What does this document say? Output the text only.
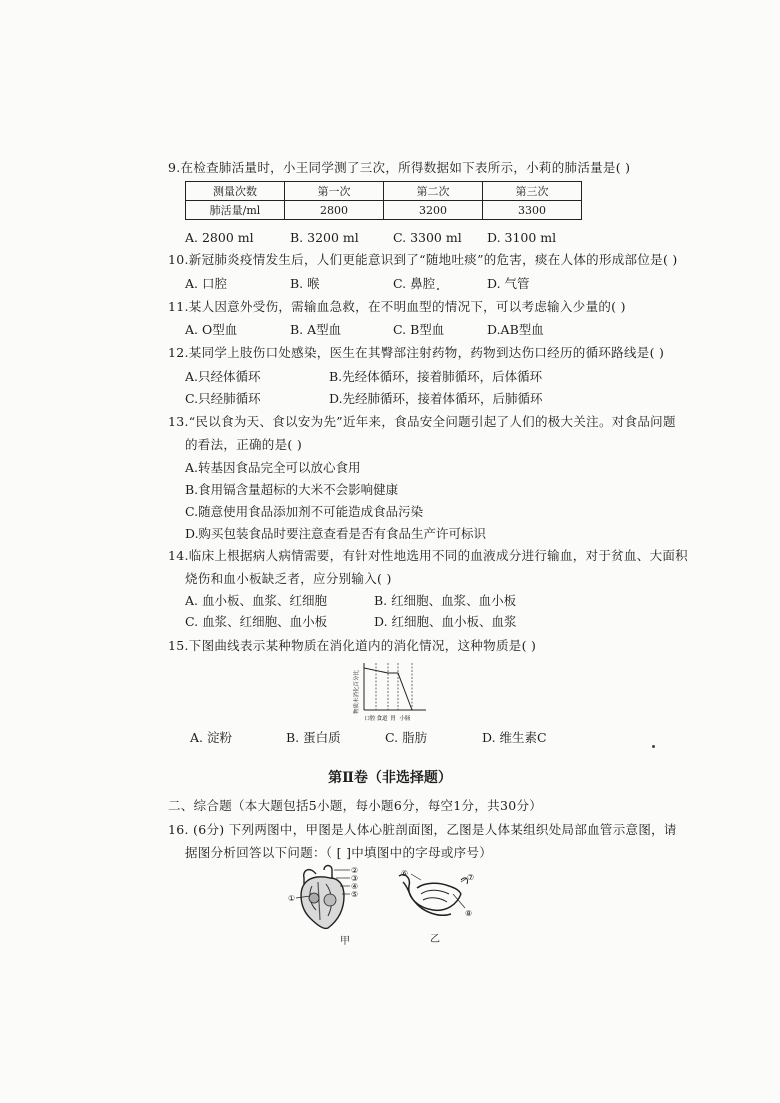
9.在检查肺活量时，小王同学测了三次，所得数据如下表所示，小莉的肺活量是( )
测量次数	第一次	第二次	第三次
肺活量/ml	2800	3200	3300
A. 2800 ml	B. 3200 ml	C. 3300 ml D. 3100 ml
10.新冠肺炎疫情发生后，人们更能意识到了“随地吐痰”的危害，痰在人体的形成部位是( )
A. 口腔	B. 喉	C. 鼻腔	D. 气管
11.某人因意外受伤，需输血急救，在不明血型的情况下，可以考虑输入少量的( )
A. O型血	B. A型血	C. B型血	D.AB型血
12.某同学上肢伤口处感染，医生在其臀部注射药物，药物到达伤口经历的循环路线是( )
A.只经体循环	B.先经体循环，接着肺循环，后体循环
C.只经肺循环	D.先经肺循环，接着体循环，后肺循环
13.“民以食为天、食以安为先”近年来，食品安全问题引起了人们的极大关注。对食品问题
的看法，正确的是( )
A.转基因食品完全可以放心食用
B.食用镉含量超标的大米不会影响健康
C.随意使用食品添加剂不可能造成食品污染
D.购买包装食品时要注意查看是否有食品生产许可标识
14.临床上根据病人病情需要，有针对性地选用不同的血液成分进行输血，对于贫血、大面积
烧伤和血小板缺乏者，应分别输入( )
A. 血小板、血浆、红细胞	B. 红细胞、血浆、血小板
C. 血浆、红细胞、血小板	D. 红细胞、血小板、血浆
15.下图曲线表示某种物质在消化道内的消化情况，这种物质是( )
物质未消化百分比
口腔 食道 胃 小肠
A. 淀粉	B. 蛋白质	C. 脂肪	D. 维生素C
第Ⅱ卷（非选择题）
二、综合题（本大题包括5小题，每小题6分，每空1分，共30分）
16. (6分) 下列两图中，甲图是人体心脏剖面图，乙图是人体某组织处局部血管示意图，请
据图分析回答以下问题：（ [ ]中填图中的字母或序号）
①
②
③
④
⑤
甲
⑥	⑦
⑧
乙
